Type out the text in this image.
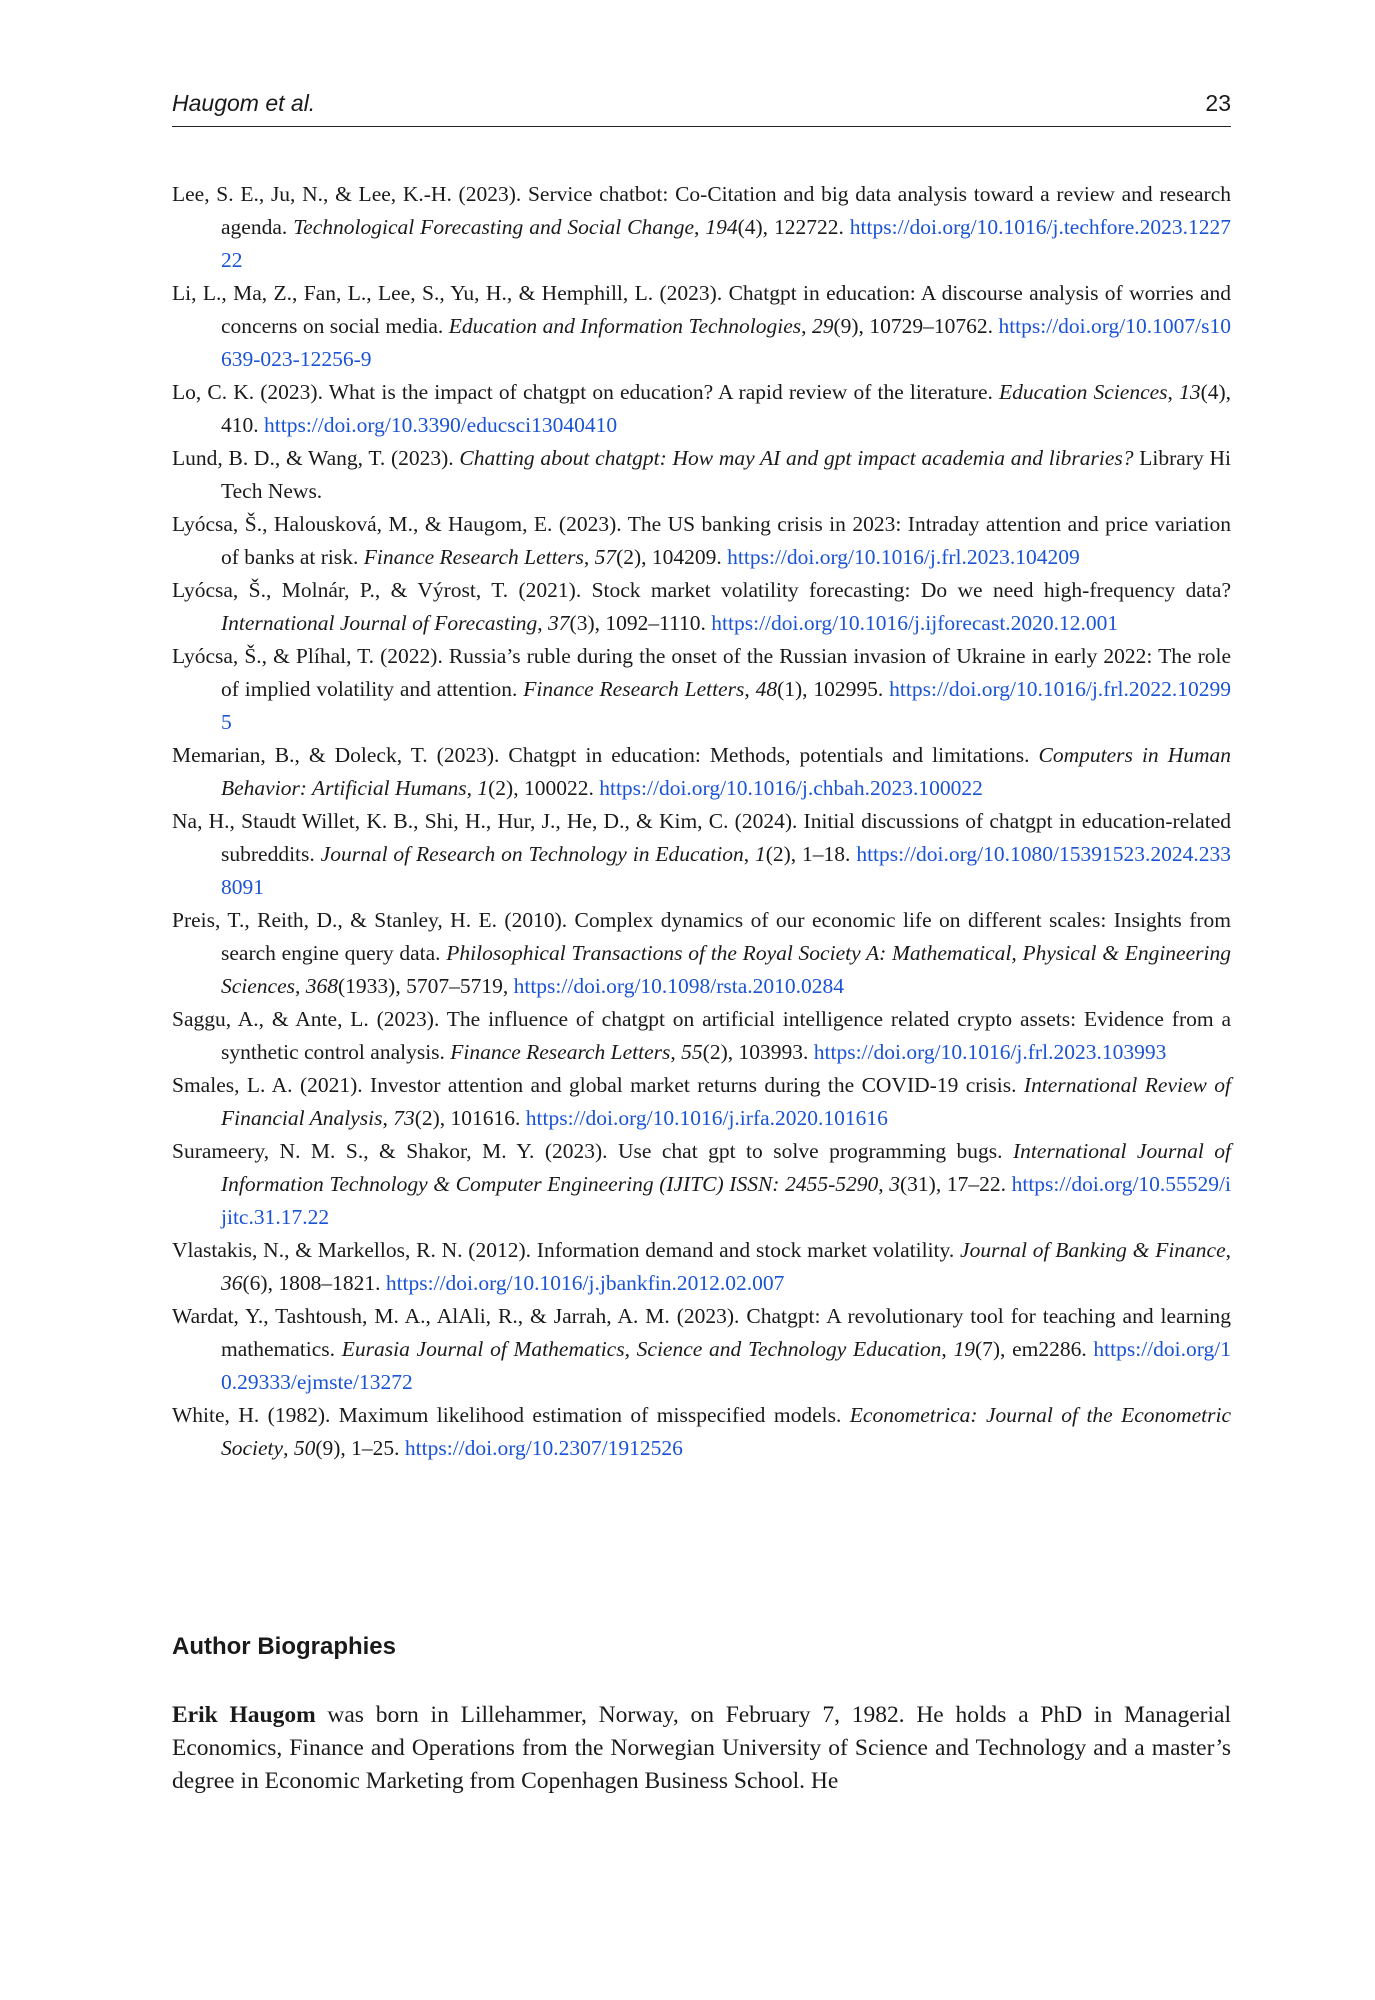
Haugom et al.	23

Lee, S. E., Ju, N., & Lee, K.-H. (2023). Service chatbot: Co-Citation and big data analysis toward a review and research agenda. Technological Forecasting and Social Change, 194(4), 122722. https://doi.org/10.1016/j.techfore.2023.122722

Li, L., Ma, Z., Fan, L., Lee, S., Yu, H., & Hemphill, L. (2023). Chatgpt in education: A discourse analysis of worries and concerns on social media. Education and Information Technologies, 29(9), 10729–10762. https://doi.org/10.1007/s10639-023-12256-9

Lo, C. K. (2023). What is the impact of chatgpt on education? A rapid review of the literature. Education Sciences, 13(4), 410. https://doi.org/10.3390/educsci13040410

Lund, B. D., & Wang, T. (2023). Chatting about chatgpt: How may AI and gpt impact academia and libraries? Library Hi Tech News.

Lyócsa, Š., Halousková, M., & Haugom, E. (2023). The US banking crisis in 2023: Intraday attention and price variation of banks at risk. Finance Research Letters, 57(2), 104209. https://doi.org/10.1016/j.frl.2023.104209

Lyócsa, Š., Molnár, P., & Výrost, T. (2021). Stock market volatility forecasting: Do we need high-frequency data? International Journal of Forecasting, 37(3), 1092–1110. https://doi.org/10.1016/j.ijforecast.2020.12.001

Lyócsa, Š., & Plíhal, T. (2022). Russia’s ruble during the onset of the Russian invasion of Ukraine in early 2022: The role of implied volatility and attention. Finance Research Letters, 48(1), 102995. https://doi.org/10.1016/j.frl.2022.102995

Memarian, B., & Doleck, T. (2023). Chatgpt in education: Methods, potentials and limitations. Computers in Human Behavior: Artificial Humans, 1(2), 100022. https://doi.org/10.1016/j.chbah.2023.100022

Na, H., Staudt Willet, K. B., Shi, H., Hur, J., He, D., & Kim, C. (2024). Initial discussions of chatgpt in education-related subreddits. Journal of Research on Technology in Education, 1(2), 1–18. https://doi.org/10.1080/15391523.2024.2338091

Preis, T., Reith, D., & Stanley, H. E. (2010). Complex dynamics of our economic life on different scales: Insights from search engine query data. Philosophical Transactions of the Royal Society A: Mathematical, Physical & Engineering Sciences, 368(1933), 5707–5719, https://doi.org/10.1098/rsta.2010.0284

Saggu, A., & Ante, L. (2023). The influence of chatgpt on artificial intelligence related crypto assets: Evidence from a synthetic control analysis. Finance Research Letters, 55(2), 103993. https://doi.org/10.1016/j.frl.2023.103993

Smales, L. A. (2021). Investor attention and global market returns during the COVID-19 crisis. International Review of Financial Analysis, 73(2), 101616. https://doi.org/10.1016/j.irfa.2020.101616

Surameery, N. M. S., & Shakor, M. Y. (2023). Use chat gpt to solve programming bugs. International Journal of Information Technology & Computer Engineering (IJITC) ISSN: 2455-5290, 3(31), 17–22. https://doi.org/10.55529/ijitc.31.17.22

Vlastakis, N., & Markellos, R. N. (2012). Information demand and stock market volatility. Journal of Banking & Finance, 36(6), 1808–1821. https://doi.org/10.1016/j.jbankfin.2012.02.007

Wardat, Y., Tashtoush, M. A., AlAli, R., & Jarrah, A. M. (2023). Chatgpt: A revolutionary tool for teaching and learning mathematics. Eurasia Journal of Mathematics, Science and Technology Education, 19(7), em2286. https://doi.org/10.29333/ejmste/13272

White, H. (1982). Maximum likelihood estimation of misspecified models. Econometrica: Journal of the Econometric Society, 50(9), 1–25. https://doi.org/10.2307/1912526

Author Biographies

Erik Haugom was born in Lillehammer, Norway, on February 7, 1982. He holds a PhD in Managerial Economics, Finance and Operations from the Norwegian University of Science and Technology and a master’s degree in Economic Marketing from Copenhagen Business School. He
